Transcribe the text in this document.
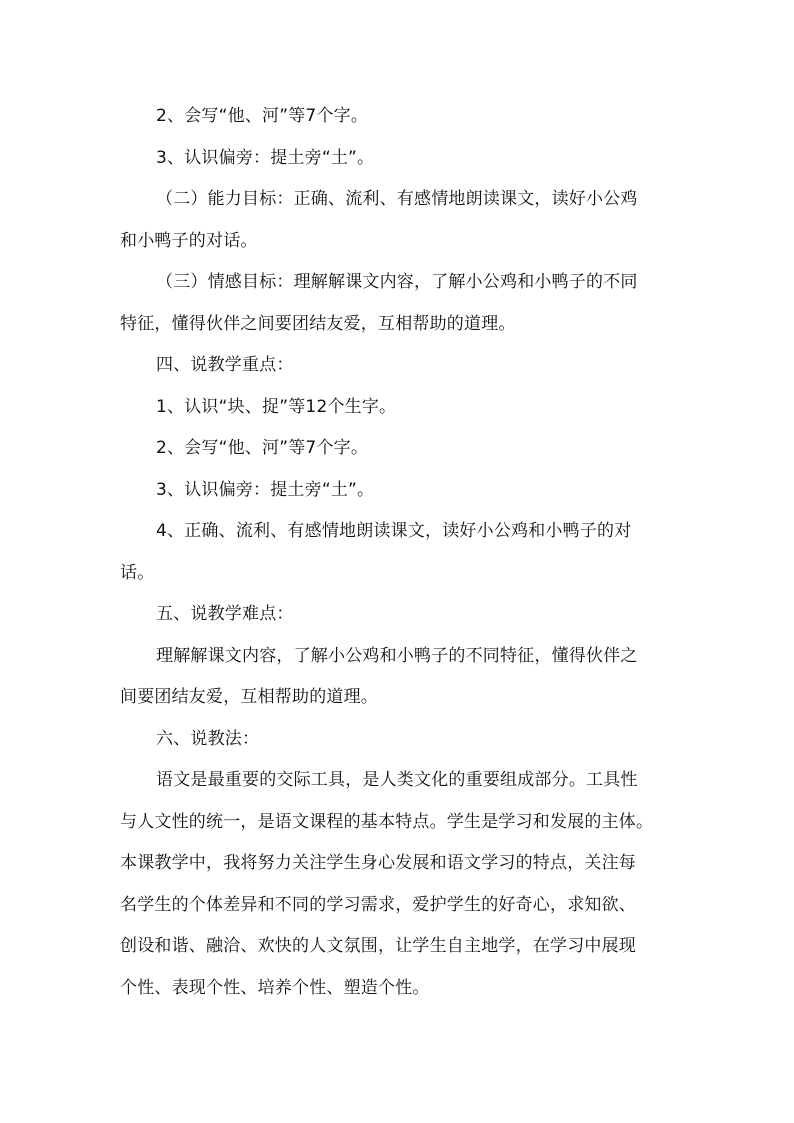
2、会写“他、河”等7个字。
3、认识偏旁：提土旁“土”。
（二）能力目标：正确、流利、有感情地朗读课文，读好小公鸡
和小鸭子的对话。
（三）情感目标：理解解课文内容，了解小公鸡和小鸭子的不同
特征，懂得伙伴之间要团结友爱，互相帮助的道理。
四、说教学重点：
1、认识“块、捉”等12个生字。
2、会写“他、河”等7个字。
3、认识偏旁：提土旁“土”。
4、正确、流利、有感情地朗读课文，读好小公鸡和小鸭子的对
话。
五、说教学难点：
理解解课文内容，了解小公鸡和小鸭子的不同特征，懂得伙伴之
间要团结友爱，互相帮助的道理。
六、说教法：
语文是最重要的交际工具，是人类文化的重要组成部分。工具性
与人文性的统一，是语文课程的基本特点。学生是学习和发展的主体。
本课教学中，我将努力关注学生身心发展和语文学习的特点，关注每
名学生的个体差异和不同的学习需求，爱护学生的好奇心，求知欲、
创设和谐、融洽、欢快的人文氛围，让学生自主地学，在学习中展现
个性、表现个性、培养个性、塑造个性。
